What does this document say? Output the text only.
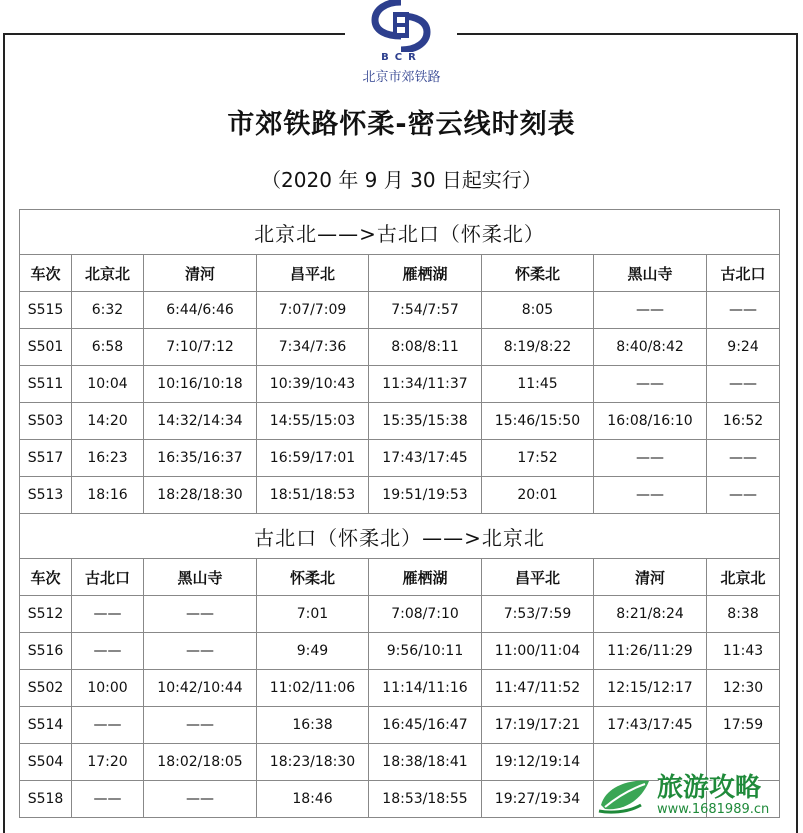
BCR
北京市郊铁路
市郊铁路怀柔-密云线时刻表
（2020 年 9 月 30 日起实行）
北京北——>古北口（怀柔北）							
车次	北京北	清河	昌平北	雁栖湖	怀柔北	黑山寺	古北口
S515	6:32	6:44/6:46	7:07/7:09	7:54/7:57	8:05	——	——
S501	6:58	7:10/7:12	7:34/7:36	8:08/8:11	8:19/8:22	8:40/8:42	9:24
S511	10:04	10:16/10:18	10:39/10:43	11:34/11:37	11:45	——	——
S503	14:20	14:32/14:34	14:55/15:03	15:35/15:38	15:46/15:50	16:08/16:10	16:52
S517	16:23	16:35/16:37	16:59/17:01	17:43/17:45	17:52	——	——
S513	18:16	18:28/18:30	18:51/18:53	19:51/19:53	20:01	——	——
古北口（怀柔北）——>北京北							
车次	古北口	黑山寺	怀柔北	雁栖湖	昌平北	清河	北京北
S512	——	——	7:01	7:08/7:10	7:53/7:59	8:21/8:24	8:38
S516	——	——	9:49	9:56/10:11	11:00/11:04	11:26/11:29	11:43
S502	10:00	10:42/10:44	11:02/11:06	11:14/11:16	11:47/11:52	12:15/12:17	12:30
S514	——	——	16:38	16:45/16:47	17:19/17:21	17:43/17:45	17:59
S504	17:20	18:02/18:05	18:23/18:30	18:38/18:41	19:12/19:14		
S518	——	——	18:46	18:53/18:55	19:27/19:34			旅游攻略
www.1681989.cn
